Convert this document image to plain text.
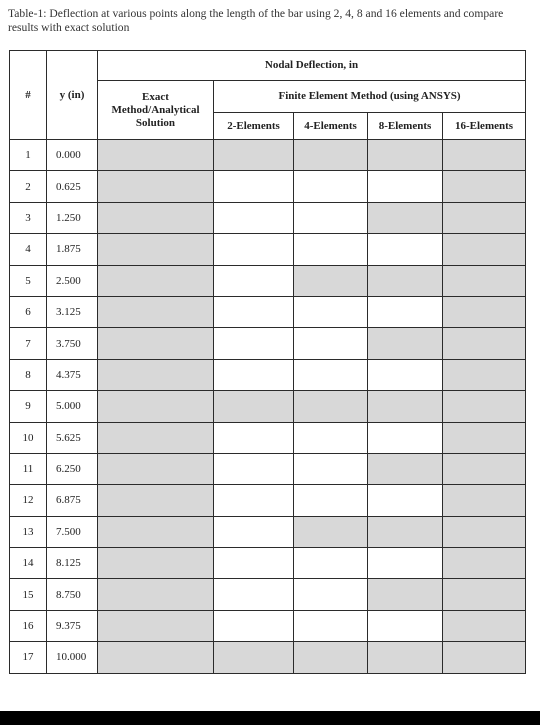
Table-1: Deflection at various points along the length of the bar using 2, 4, 8 and 16 elements and compare results with exact solution
#	y (in)	Nodal Deflection, in				
		Exact
Method/Analytical
Solution	Finite Element Method (using ANSYS)			
			2-Elements	4-Elements	8-Elements	16-Elements
1	0.000					
2	0.625					
3	1.250					
4	1.875					
5	2.500					
6	3.125					
7	3.750					
8	4.375					
9	5.000					
10	5.625					
11	6.250					
12	6.875					
13	7.500					
14	8.125					
15	8.750					
16	9.375					
17	10.000					
